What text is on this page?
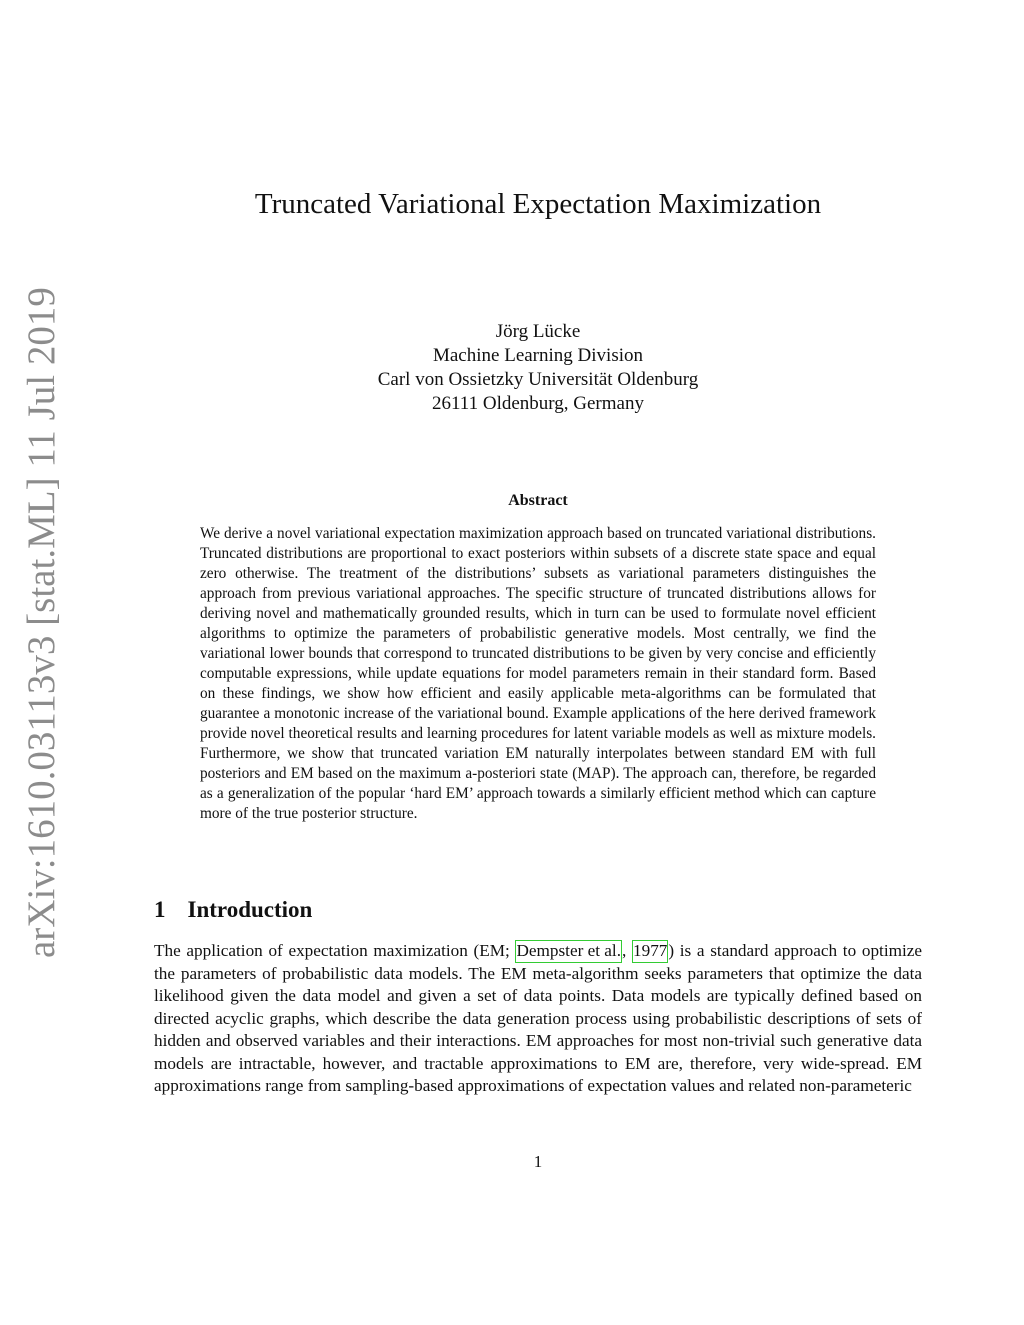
arXiv:1610.03113v3 [stat.ML] 11 Jul 2019
Truncated Variational Expectation Maximization
Jörg Lücke
Machine Learning Division
Carl von Ossietzky Universität Oldenburg
26111 Oldenburg, Germany
Abstract
We derive a novel variational expectation maximization approach based on truncated variational distributions. Truncated distributions are proportional to exact posteriors within subsets of a discrete state space and equal zero otherwise. The treatment of the distributions’ subsets as variational parameters distinguishes the approach from previous variational approaches. The specific structure of truncated distributions allows for deriving novel and mathematically grounded results, which in turn can be used to formulate novel efficient algorithms to optimize the parameters of probabilistic generative models. Most centrally, we find the variational lower bounds that correspond to truncated distributions to be given by very concise and efficiently computable expressions, while update equations for model parameters remain in their standard form. Based on these findings, we show how efficient and easily applicable meta-algorithms can be formulated that guarantee a monotonic increase of the variational bound. Example applications of the here derived framework provide novel theoretical results and learning procedures for latent variable models as well as mixture models. Furthermore, we show that truncated variation EM naturally interpolates between standard EM with full posteriors and EM based on the maximum a-posteriori state (MAP). The approach can, therefore, be regarded as a generalization of the popular ‘hard EM’ approach towards a similarly efficient method which can capture more of the true posterior structure.
1 Introduction
The application of expectation maximization (EM; Dempster et al., 1977) is a standard approach to optimize the parameters of probabilistic data models. The EM meta-algorithm seeks parameters that optimize the data likelihood given the data model and given a set of data points. Data models are typically defined based on directed acyclic graphs, which describe the data generation process using probabilistic descriptions of sets of hidden and observed variables and their interactions. EM approaches for most non-trivial such generative data models are intractable, however, and tractable approximations to EM are, therefore, very wide-spread. EM approximations range from sampling-based approximations of expectation values and related non-parameteric
1
